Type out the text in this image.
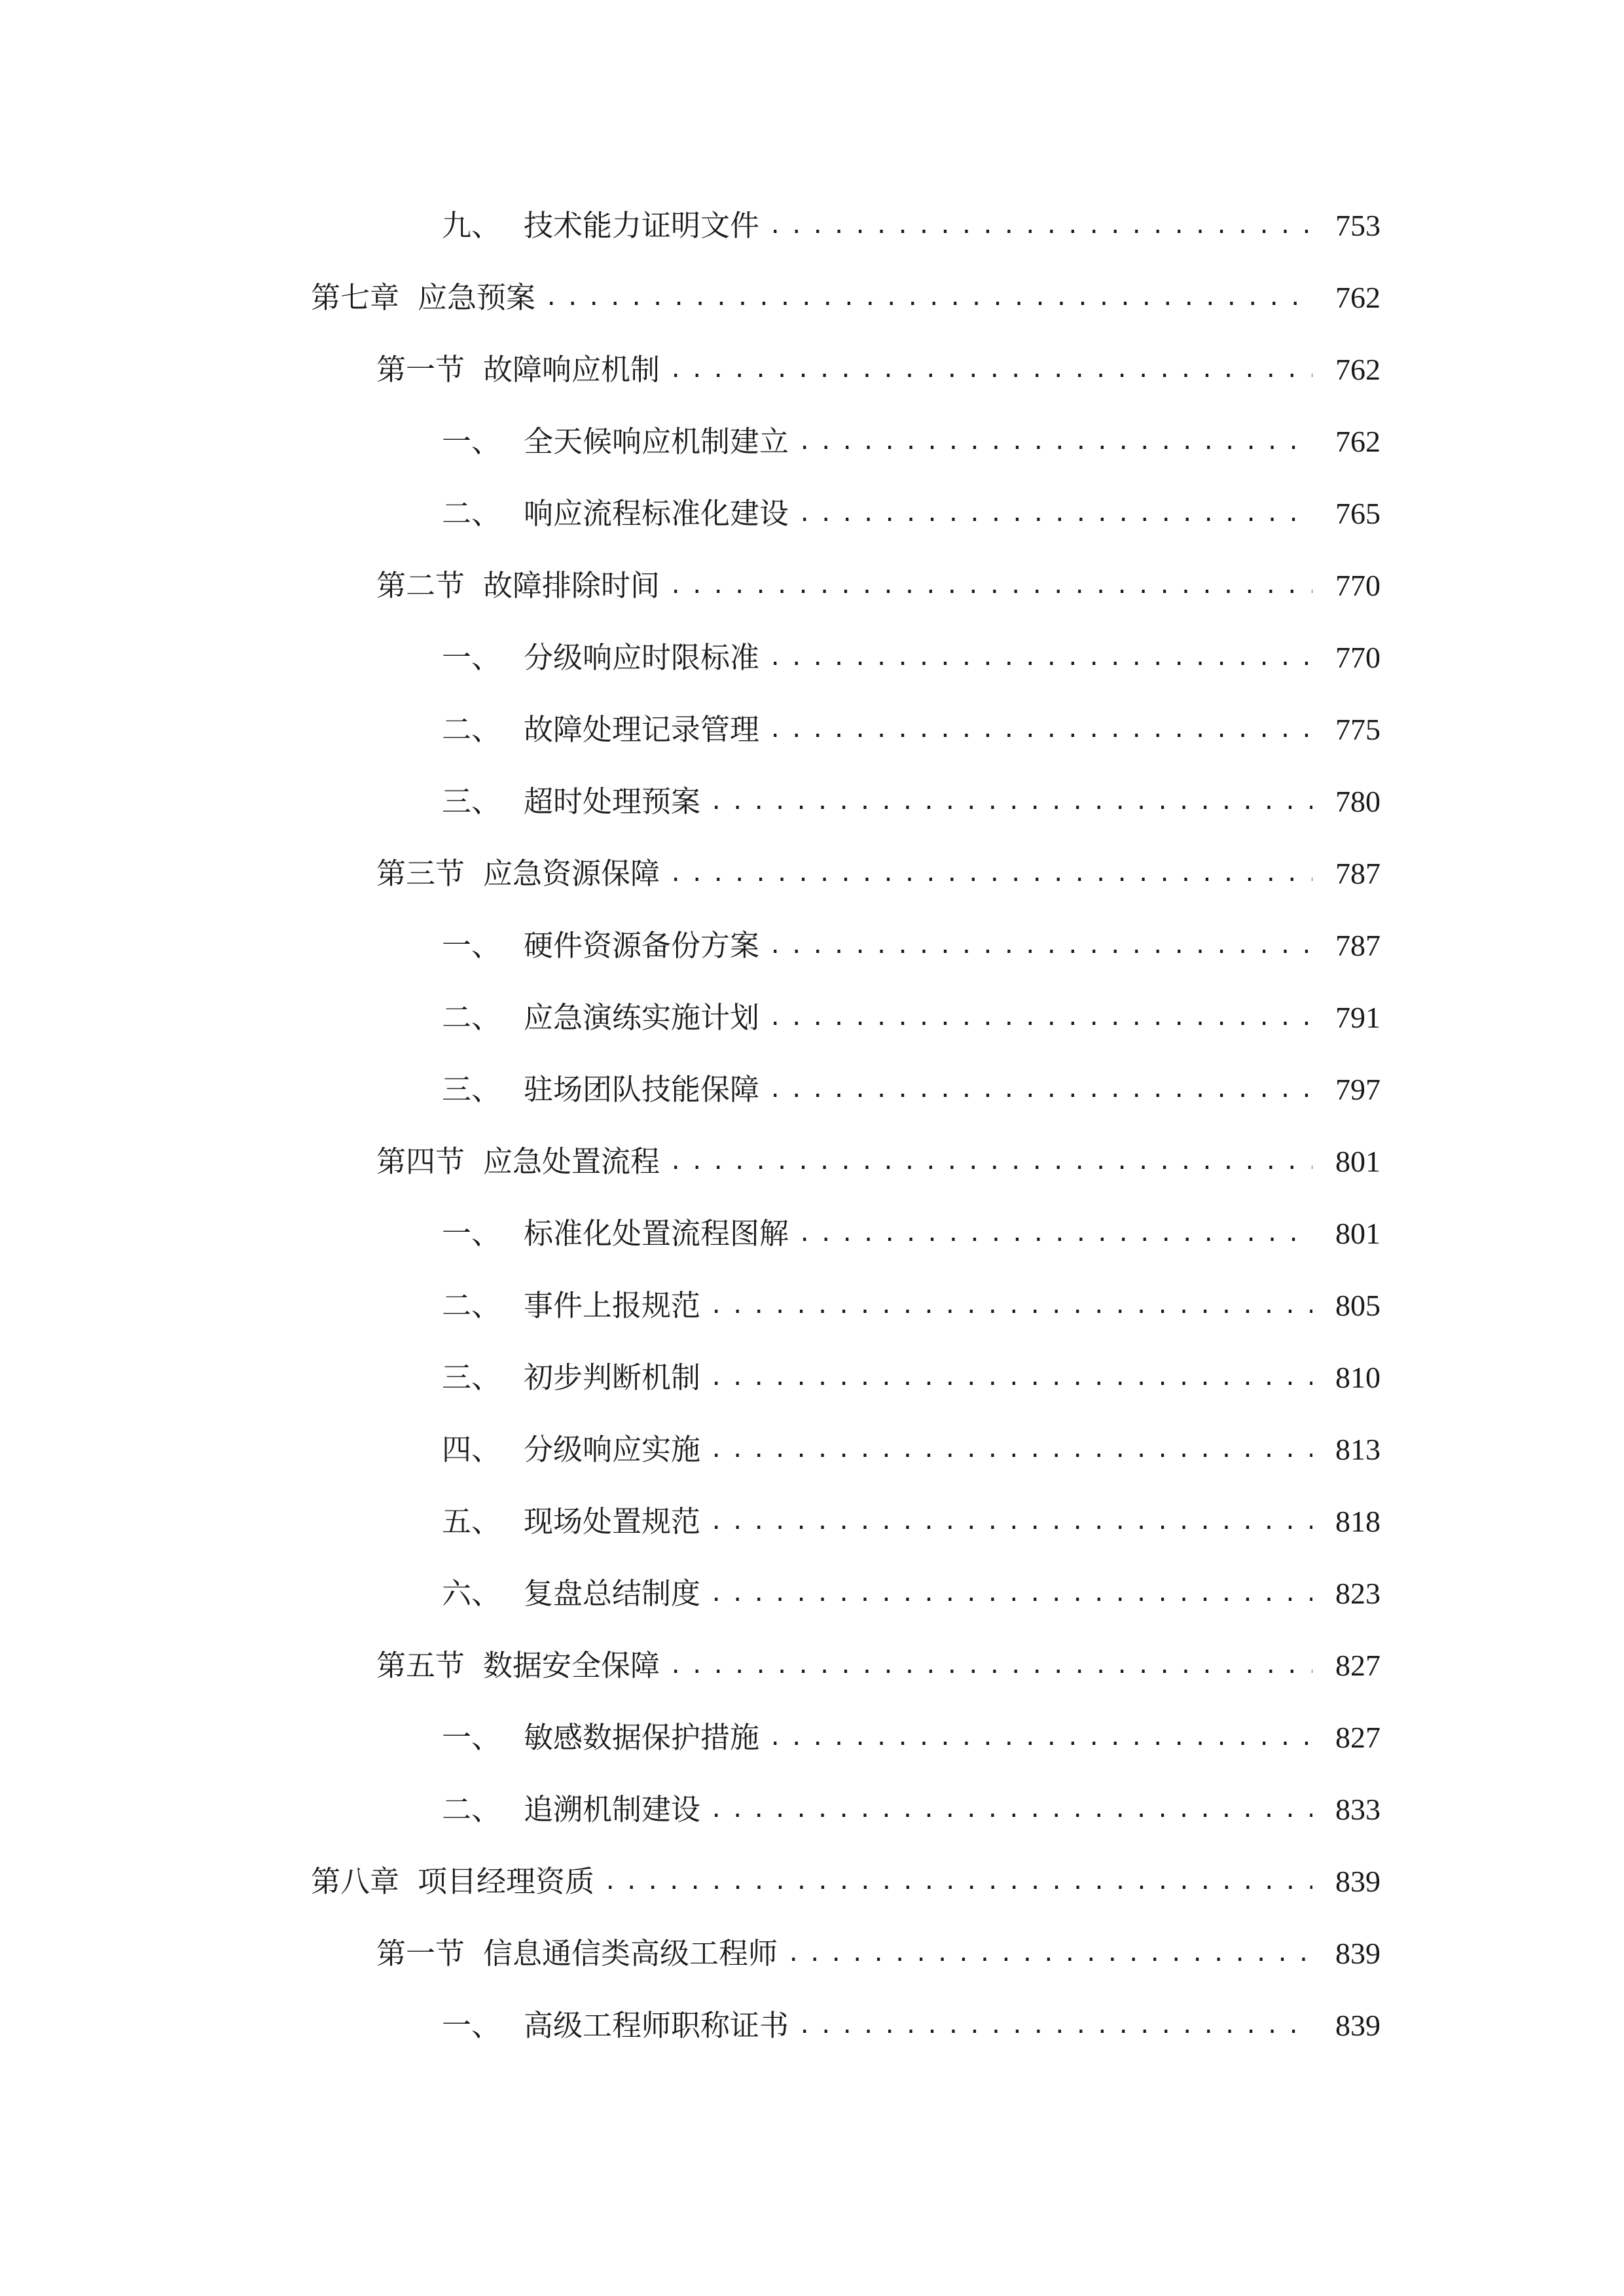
九、 技术能力证明文件 .....	753
第七章 应急预案 .....	762
第一节 故障响应机制 .....	762
一、 全天候响应机制建立 .....	762
二、 响应流程标准化建设 .....	765
第二节 故障排除时间 .....	770
一、 分级响应时限标准 .....	770
二、 故障处理记录管理 .....	775
三、 超时处理预案 .....	780
第三节 应急资源保障 .....	787
一、 硬件资源备份方案 .....	787
二、 应急演练实施计划 .....	791
三、 驻场团队技能保障 .....	797
第四节 应急处置流程 .....	801
一、 标准化处置流程图解 .....	801
二、 事件上报规范 .....	805
三、 初步判断机制 .....	810
四、 分级响应实施 .....	813
五、 现场处置规范 .....	818
六、 复盘总结制度 .....	823
第五节 数据安全保障 .....	827
一、 敏感数据保护措施 .....	827
二、 追溯机制建设 .....	833
第八章 项目经理资质 .....	839
第一节 信息通信类高级工程师 .....	839
一、 高级工程师职称证书 .....	839
